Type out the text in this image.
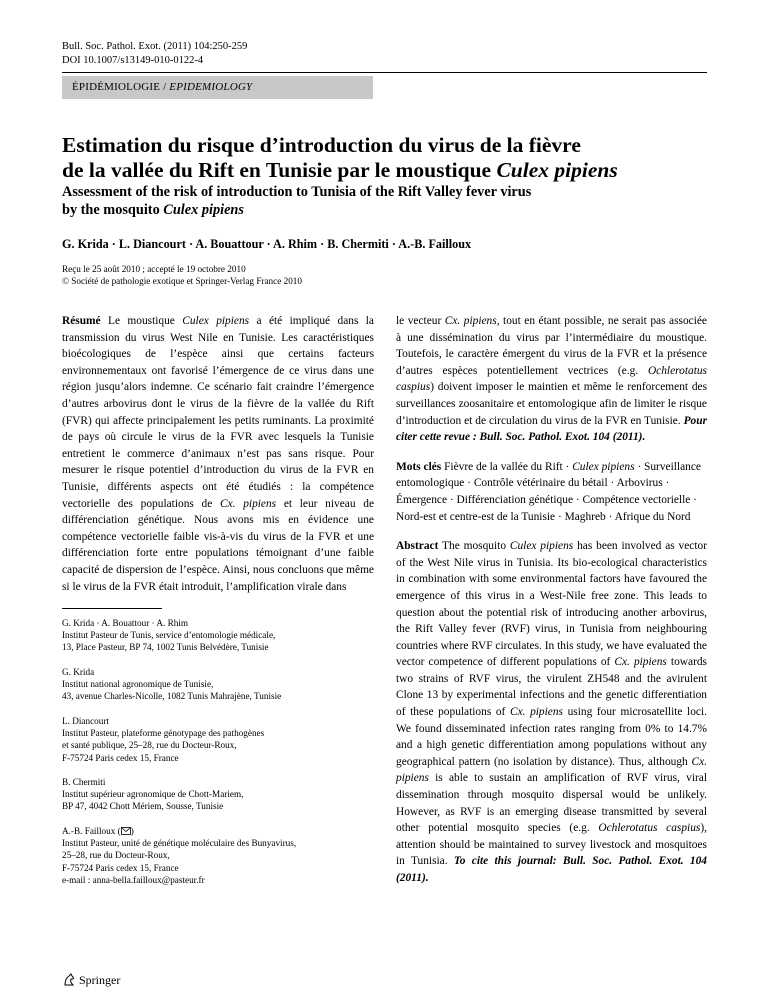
Bull. Soc. Pathol. Exot. (2011) 104:250-259
DOI 10.1007/s13149-010-0122-4
ÉPIDÉMIOLOGIE / EPIDEMIOLOGY
Estimation du risque d’introduction du virus de la fièvre
de la vallée du Rift en Tunisie par le moustique Culex pipiens
Assessment of the risk of introduction to Tunisia of the Rift Valley fever virus
by the mosquito Culex pipiens
G. Krida · L. Diancourt · A. Bouattour · A. Rhim · B. Chermiti · A.-B. Failloux
Reçu le 25 août 2010 ; accepté le 19 octobre 2010
© Société de pathologie exotique et Springer-Verlag France 2010
Résumé Le moustique Culex pipiens a été impliqué dans la transmission du virus West Nile en Tunisie. Les caractéristiques bioécologiques de l’espèce ainsi que certains facteurs environnementaux ont favorisé l’émergence de ce virus dans une région jusqu’alors indemne. Ce scénario fait craindre l’émergence d’autres arbovirus dont le virus de la fièvre de la vallée du Rift (FVR) qui affecte principalement les petits ruminants. La proximité de pays où circule le virus de la FVR avec lesquels la Tunisie entretient le commerce d’animaux n’est pas sans risque. Pour mesurer le risque potentiel d’introduction du virus de la FVR en Tunisie, différents aspects ont été étudiés : la compétence vectorielle des populations de Cx. pipiens et leur niveau de différenciation génétique. Nous avons mis en évidence une compétence vectorielle faible vis-à-vis du virus de la FVR et une différenciation forte entre populations témoignant d’une faible capacité de dispersion de l’espèce. Ainsi, nous concluons que même si le virus de la FVR était introduit, l’amplification virale dans
G. Krida · A. Bouattour · A. Rhim
Institut Pasteur de Tunis, service d’entomologie médicale,
13, Place Pasteur, BP 74, 1002 Tunis Belvédère, Tunisie
G. Krida
Institut national agronomique de Tunisie,
43, avenue Charles-Nicolle, 1082 Tunis Mahrajène, Tunisie
L. Diancourt
Institut Pasteur, plateforme génotypage des pathogènes
et santé publique, 25–28, rue du Docteur-Roux,
F-75724 Paris cedex 15, France
B. Chermiti
Institut supérieur agronomique de Chott-Mariem,
BP 47, 4042 Chott Mériem, Sousse, Tunisie
A.-B. Failloux ( )
Institut Pasteur, unité de génétique moléculaire des Bunyavirus,
25–28, rue du Docteur-Roux,
F-75724 Paris cedex 15, France
e-mail : anna-bella.failloux@pasteur.fr
le vecteur Cx. pipiens, tout en étant possible, ne serait pas associée à une dissémination du virus par l’intermédiaire du moustique. Toutefois, le caractère émergent du virus de la FVR et la présence d’autres espèces potentiellement vectrices (e.g. Ochlerotatus caspius) doivent imposer le maintien et même le renforcement des surveillances zoosanitaire et entomologique afin de limiter le risque d’introduction et de circulation du virus de la FVR en Tunisie. Pour citer cette revue : Bull. Soc. Pathol. Exot. 104 (2011).
Mots clés Fièvre de la vallée du Rift · Culex pipiens · Surveillance entomologique · Contrôle vétérinaire du bétail · Arbovirus · Émergence · Différenciation génétique · Compétence vectorielle · Nord-est et centre-est de la Tunisie · Maghreb · Afrique du Nord
Abstract The mosquito Culex pipiens has been involved as vector of the West Nile virus in Tunisia. Its bio-ecological characteristics in combination with some environmental factors have favoured the emergence of this virus in a West-Nile free zone. This leads to question about the potential risk of introducing another arbovirus, the Rift Valley fever (RVF) virus, in Tunisia from neighbouring countries where RVF circulates. In this study, we have evaluated the vector competence of different populations of Cx. pipiens towards two strains of RVF virus, the virulent ZH548 and the avirulent Clone 13 by experimental infections and the genetic differentiation of these populations of Cx. pipiens using four microsatellite loci. We found disseminated infection rates ranging from 0% to 14.7% and a high genetic differentiation among populations without any geographical pattern (no isolation by distance). Thus, although Cx. pipiens is able to sustain an amplification of RVF virus, viral dissemination through mosquito dispersal would be unlikely. However, as RVF is an emerging disease transmitted by several other potential mosquito species (e.g. Ochlerotatus caspius), attention should be maintained to survey livestock and mosquitoes in Tunisia. To cite this journal: Bull. Soc. Pathol. Exot. 104 (2011).
Springer
